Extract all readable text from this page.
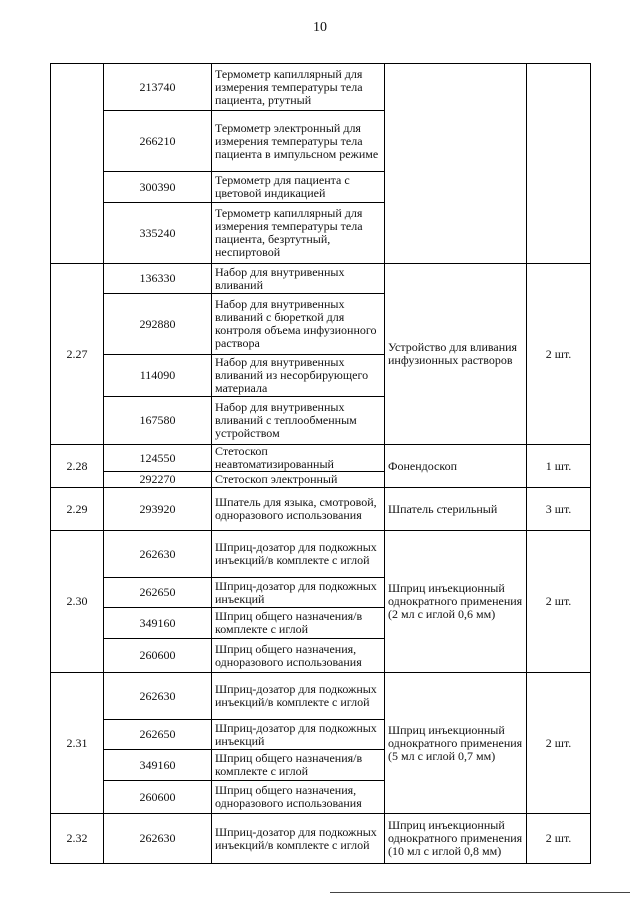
10
	213740	Термометр капиллярный для измерения температуры тела пациента, ртутный		
	266210	Термометр электронный для измерения температуры тела пациента в импульсном режиме		
	300390	Термометр для пациента с цветовой индикацией		
	335240	Термометр капиллярный для измерения температуры тела пациента, безртутный, неспиртовой		
2.27	136330	Набор для внутривенных вливаний	Устройство для вливания инфузионных растворов	2 шт.
	292880	Набор для внутривенных вливаний с бюреткой для контроля объема инфузионного раствора		
	114090	Набор для внутривенных вливаний из несорбирующего материала		
	167580	Набор для внутривенных вливаний с теплообменным устройством		
2.28	124550	Стетоскоп неавтоматизированный	Фонендоскоп	1 шт.
	292270	Стетоскоп электронный		
2.29	293920	Шпатель для языка, смотровой, одноразового использования	Шпатель стерильный	3 шт.
2.30	262630	Шприц-дозатор для подкожных инъекций/в комплекте с иглой	Шприц инъекционный однократного применения (2 мл с иглой 0,6 мм)	2 шт.
	262650	Шприц-дозатор для подкожных инъекций		
	349160	Шприц общего назначения/в комплекте с иглой		
	260600	Шприц общего назначения, одноразового использования		
2.31	262630	Шприц-дозатор для подкожных инъекций/в комплекте с иглой	Шприц инъекционный однократного применения (5 мл с иглой 0,7 мм)	2 шт.
	262650	Шприц-дозатор для подкожных инъекций		
	349160	Шприц общего назначения/в комплекте с иглой		
	260600	Шприц общего назначения, одноразового использования		
2.32	262630	Шприц-дозатор для подкожных инъекций/в комплекте с иглой	Шприц инъекционный однократного применения (10 мл с иглой 0,8 мм)	2 шт.
